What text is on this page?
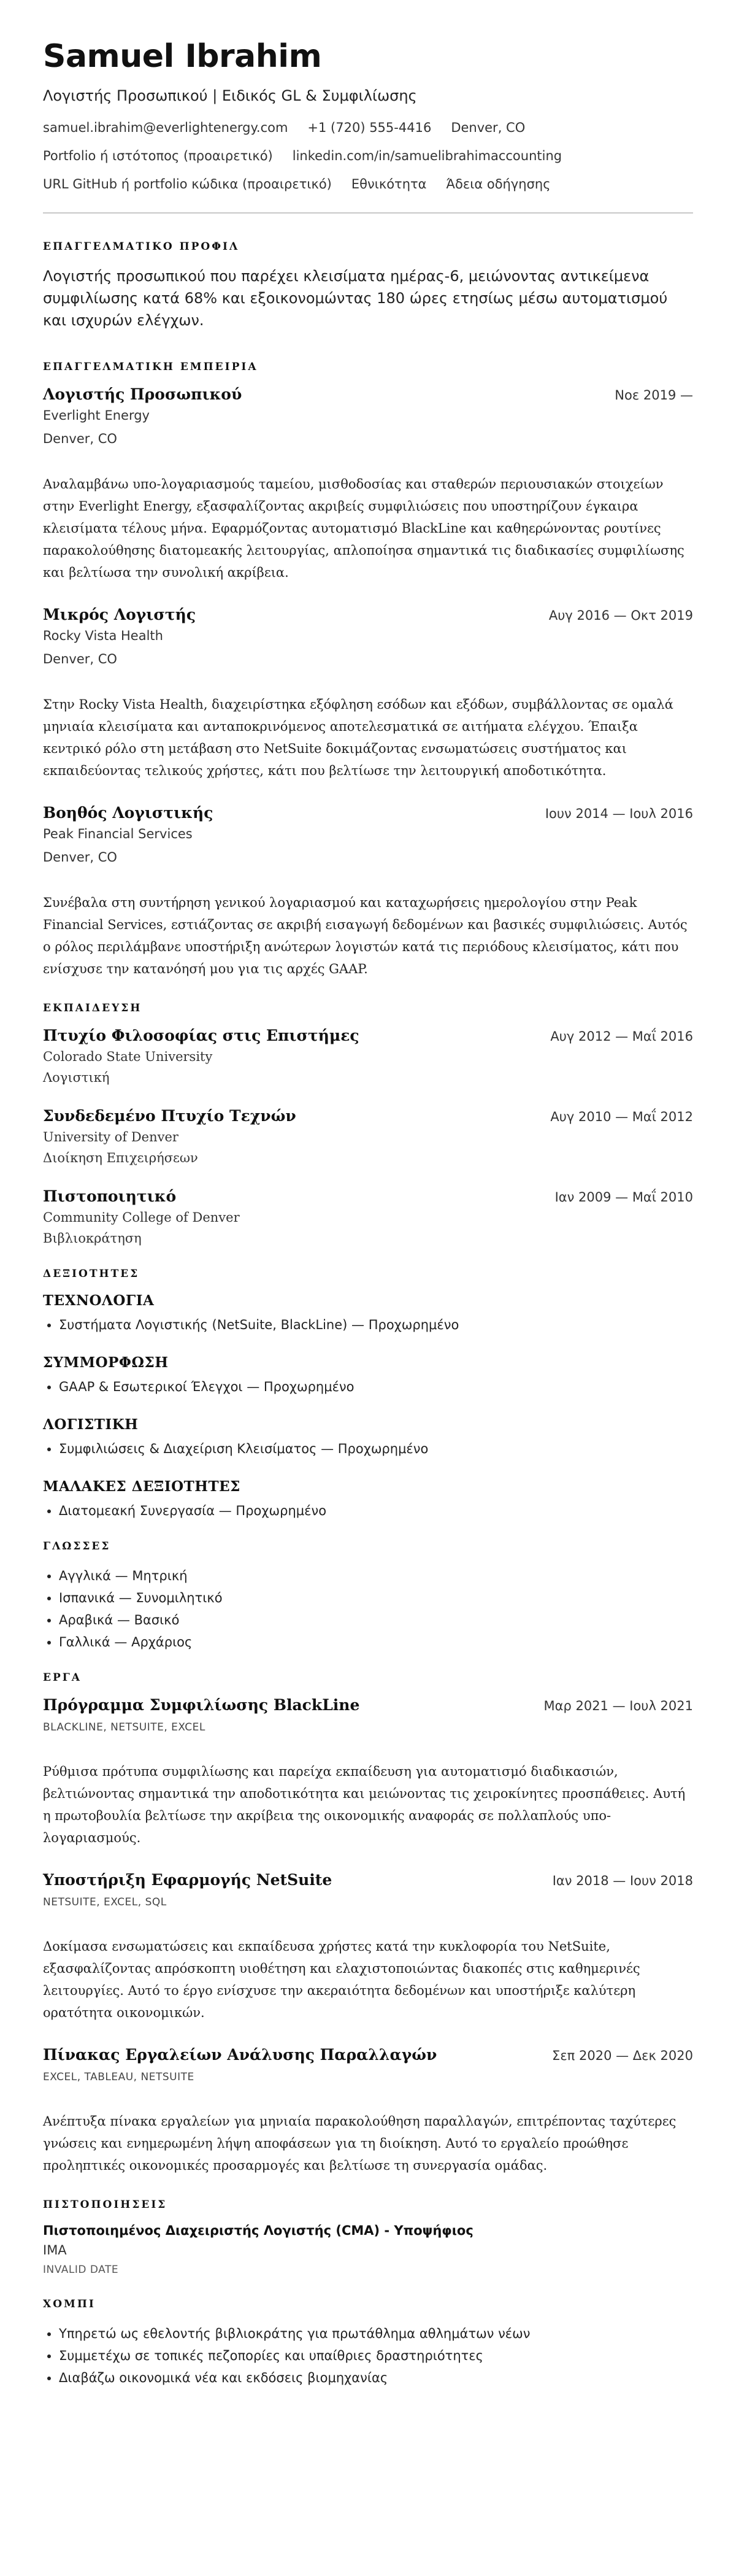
Samuel Ibrahim
Λογιστής Προσωπικού | Ειδικός GL & Συμφιλίωσης
samuel.ibrahim@everlightenergy.com +1 (720) 555-4416 Denver, CO
Portfolio ή ιστότοπος (προαιρετικό) linkedin.com/in/samuelibrahimaccounting
URL GitHub ή portfolio κώδικα (προαιρετικό) Εθνικότητα Άδεια οδήγησης
ΕΠΑΓΓΕΛΜΑΤΙΚΟ ΠΡΟΦΙΛ
Λογιστής προσωπικού που παρέχει κλεισίματα ημέρας-6, μειώνοντας αντικείμενα συμφιλίωσης κατά 68% και εξοικονομώντας 180 ώρες ετησίως μέσω αυτοματισμού και ισχυρών ελέγχων.
ΕΠΑΓΓΕΛΜΑΤΙΚΗ ΕΜΠΕΙΡΙΑ
Λογιστής Προσωπικού	Νοε 2019 —
Everlight Energy
Denver, CO
Αναλαμβάνω υπο-λογαριασμούς ταμείου, μισθοδοσίας και σταθερών περιουσιακών στοιχείων στην Everlight Energy, εξασφαλίζοντας ακριβείς συμφιλιώσεις που υποστηρίζουν έγκαιρα κλεισίματα τέλους μήνα. Εφαρμόζοντας αυτοματισμό BlackLine και καθηερώνοντας ρουτίνες παρακολούθησης διατομεακής λειτουργίας, απλοποίησα σημαντικά τις διαδικασίες συμφιλίωσης και βελτίωσα την συνολική ακρίβεια.
Μικρός Λογιστής	Αυγ 2016 — Οκτ 2019
Rocky Vista Health
Denver, CO
Στην Rocky Vista Health, διαχειρίστηκα εξόφληση εσόδων και εξόδων, συμβάλλοντας σε ομαλά μηνιαία κλεισίματα και ανταποκρινόμενος αποτελεσματικά σε αιτήματα ελέγχου. Έπαιξα κεντρικό ρόλο στη μετάβαση στο NetSuite δοκιμάζοντας ενσωματώσεις συστήματος και εκπαιδεύοντας τελικούς χρήστες, κάτι που βελτίωσε την λειτουργική αποδοτικότητα.
Βοηθός Λογιστικής	Ιουν 2014 — Ιουλ 2016
Peak Financial Services
Denver, CO
Συνέβαλα στη συντήρηση γενικού λογαριασμού και καταχωρήσεις ημερολογίου στην Peak Financial Services, εστιάζοντας σε ακριβή εισαγωγή δεδομένων και βασικές συμφιλιώσεις. Αυτός ο ρόλος περιλάμβανε υποστήριξη ανώτερων λογιστών κατά τις περιόδους κλεισίματος, κάτι που ενίσχυσε την κατανόησή μου για τις αρχές GAAP.
ΕΚΠΑΙΔΕΥΣΗ
Πτυχίο Φιλοσοφίας στις Επιστήμες	Αυγ 2012 — Μαΐ 2016
Colorado State University
Λογιστική
Συνδεδεμένο Πτυχίο Τεχνών	Αυγ 2010 — Μαΐ 2012
University of Denver
Διοίκηση Επιχειρήσεων
Πιστοποιητικό	Ιαν 2009 — Μαΐ 2010
Community College of Denver
Βιβλιοκράτηση
ΔΕΞΙΟΤΗΤΕΣ
ΤΕΧΝΟΛΟΓΙΑ
• Συστήματα Λογιστικής (NetSuite, BlackLine) — Προχωρημένο
ΣΥΜΜΟΡΦΩΣΗ
• GAAP & Εσωτερικοί Έλεγχοι — Προχωρημένο
ΛΟΓΙΣΤΙΚΗ
• Συμφιλιώσεις & Διαχείριση Κλεισίματος — Προχωρημένο
ΜΑΛΑΚΕΣ ΔΕΞΙΟΤΗΤΕΣ
• Διατομεακή Συνεργασία — Προχωρημένο
ΓΛΩΣΣΕΣ
• Αγγλικά — Μητρική
• Ισπανικά — Συνομιλητικό
• Αραβικά — Βασικό
• Γαλλικά — Αρχάριος
ΕΡΓΑ
Πρόγραμμα Συμφιλίωσης BlackLine	Μαρ 2021 — Ιουλ 2021
BLACKLINE, NETSUITE, EXCEL
Ρύθμισα πρότυπα συμφιλίωσης και παρείχα εκπαίδευση για αυτοματισμό διαδικασιών, βελτιώνοντας σημαντικά την αποδοτικότητα και μειώνοντας τις χειροκίνητες προσπάθειες. Αυτή η πρωτοβουλία βελτίωσε την ακρίβεια της οικονομικής αναφοράς σε πολλαπλούς υπο-λογαριασμούς.
Υποστήριξη Εφαρμογής NetSuite	Ιαν 2018 — Ιουν 2018
NETSUITE, EXCEL, SQL
Δοκίμασα ενσωματώσεις και εκπαίδευσα χρήστες κατά την κυκλοφορία του NetSuite, εξασφαλίζοντας απρόσκοπτη υιοθέτηση και ελαχιστοποιώντας διακοπές στις καθημερινές λειτουργίες. Αυτό το έργο ενίσχυσε την ακεραιότητα δεδομένων και υποστήριξε καλύτερη ορατότητα οικονομικών.
Πίνακας Εργαλείων Ανάλυσης Παραλλαγών	Σεπ 2020 — Δεκ 2020
EXCEL, TABLEAU, NETSUITE
Ανέπτυξα πίνακα εργαλείων για μηνιαία παρακολούθηση παραλλαγών, επιτρέποντας ταχύτερες γνώσεις και ενημερωμένη λήψη αποφάσεων για τη διοίκηση. Αυτό το εργαλείο προώθησε προληπτικές οικονομικές προσαρμογές και βελτίωσε τη συνεργασία ομάδας.
ΠΙΣΤΟΠΟΙΗΣΕΙΣ
Πιστοποιημένος Διαχειριστής Λογιστής (CMA) - Υποψήφιος
IMA
INVALID DATE
ΧΟΜΠΙ
• Υπηρετώ ως εθελοντής βιβλιοκράτης για πρωτάθλημα αθλημάτων νέων
• Συμμετέχω σε τοπικές πεζοπορίες και υπαίθριες δραστηριότητες
• Διαβάζω οικονομικά νέα και εκδόσεις βιομηχανίας
